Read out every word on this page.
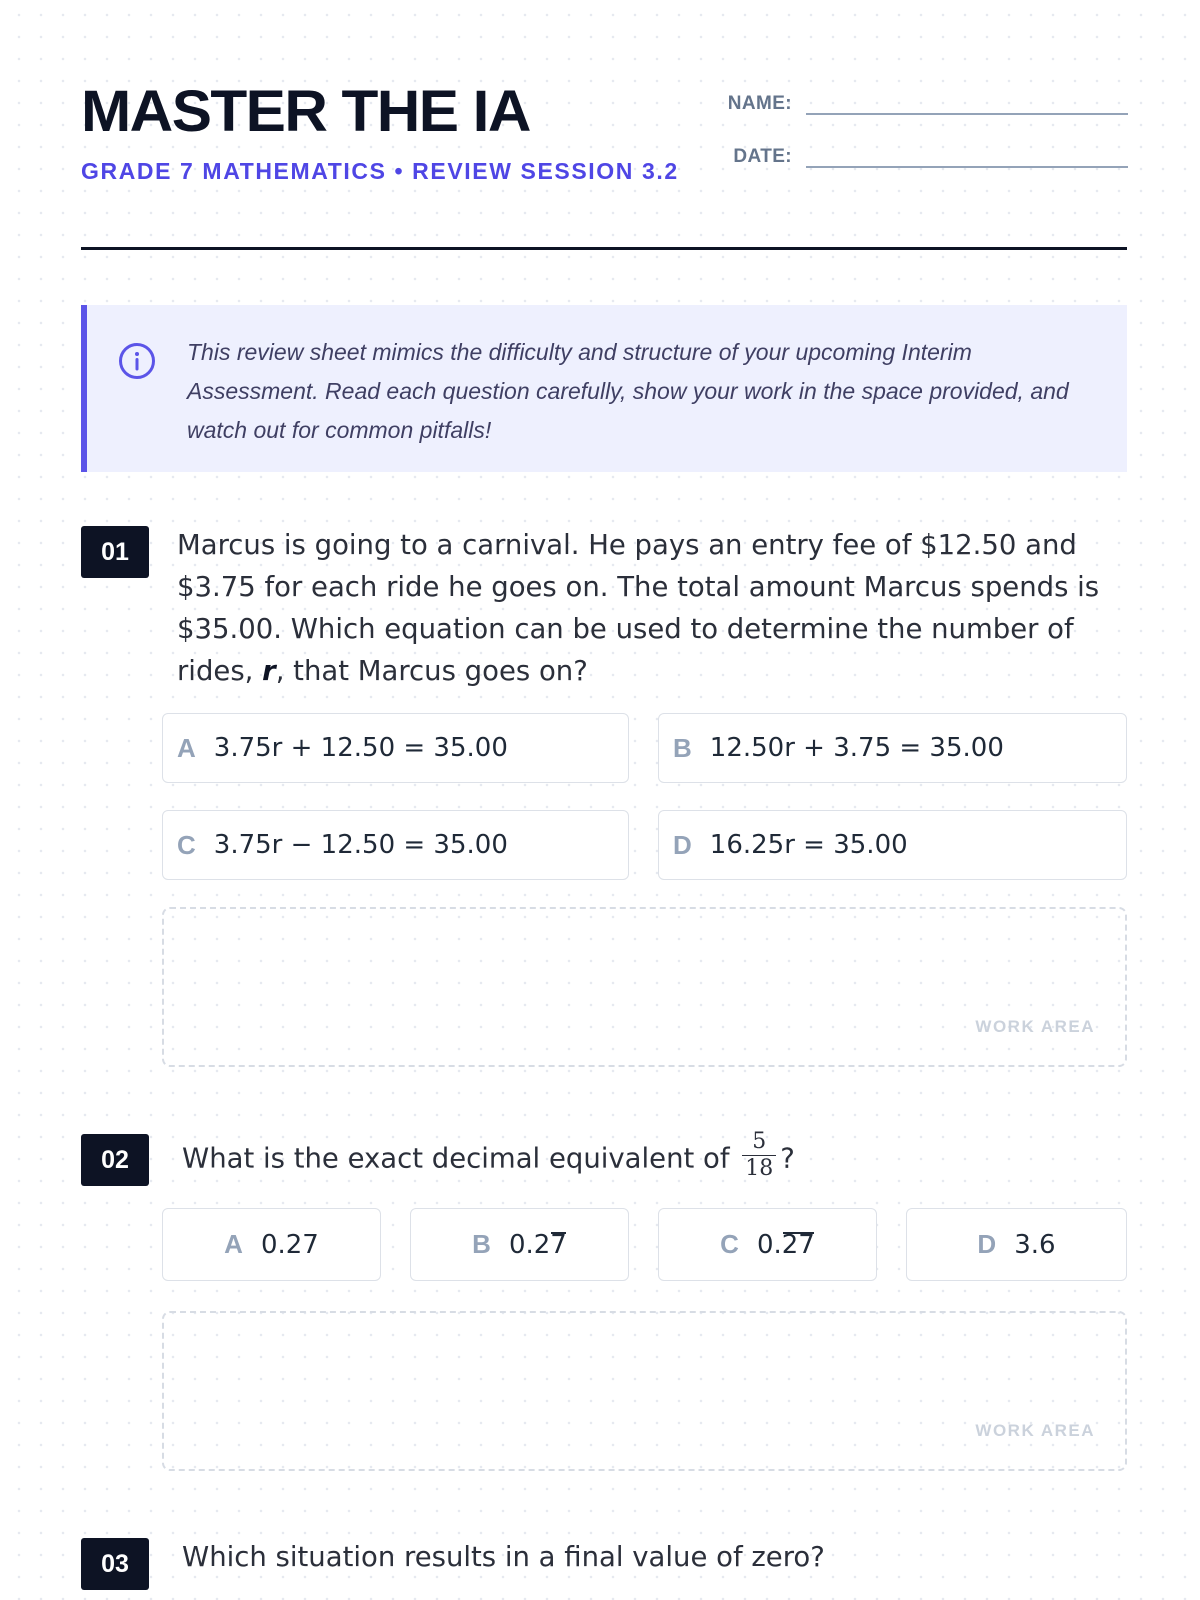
MASTER THE IA
GRADE 7 MATHEMATICS • REVIEW SESSION 3.2
NAME:
DATE:
This review sheet mimics the difficulty and structure of your upcoming Interim Assessment. Read each question carefully, show your work in the space provided, and watch out for common pitfalls!
01	Marcus is going to a carnival. He pays an entry fee of $12.50 and $3.75 for each ride he goes on. The total amount Marcus spends is $35.00. Which equation can be used to determine the number of rides, r, that Marcus goes on?
A 3.75r + 12.50 = 35.00	B 12.50r + 3.75 = 35.00
C 3.75r − 12.50 = 35.00	D 16.25r = 35.00
WORK AREA
02	What is the exact decimal equivalent of $\frac{5}{18}$ ?
A 0.27	B 0.27	C 0.27	D 3.6
WORK AREA
03	Which situation results in a final value of zero?
